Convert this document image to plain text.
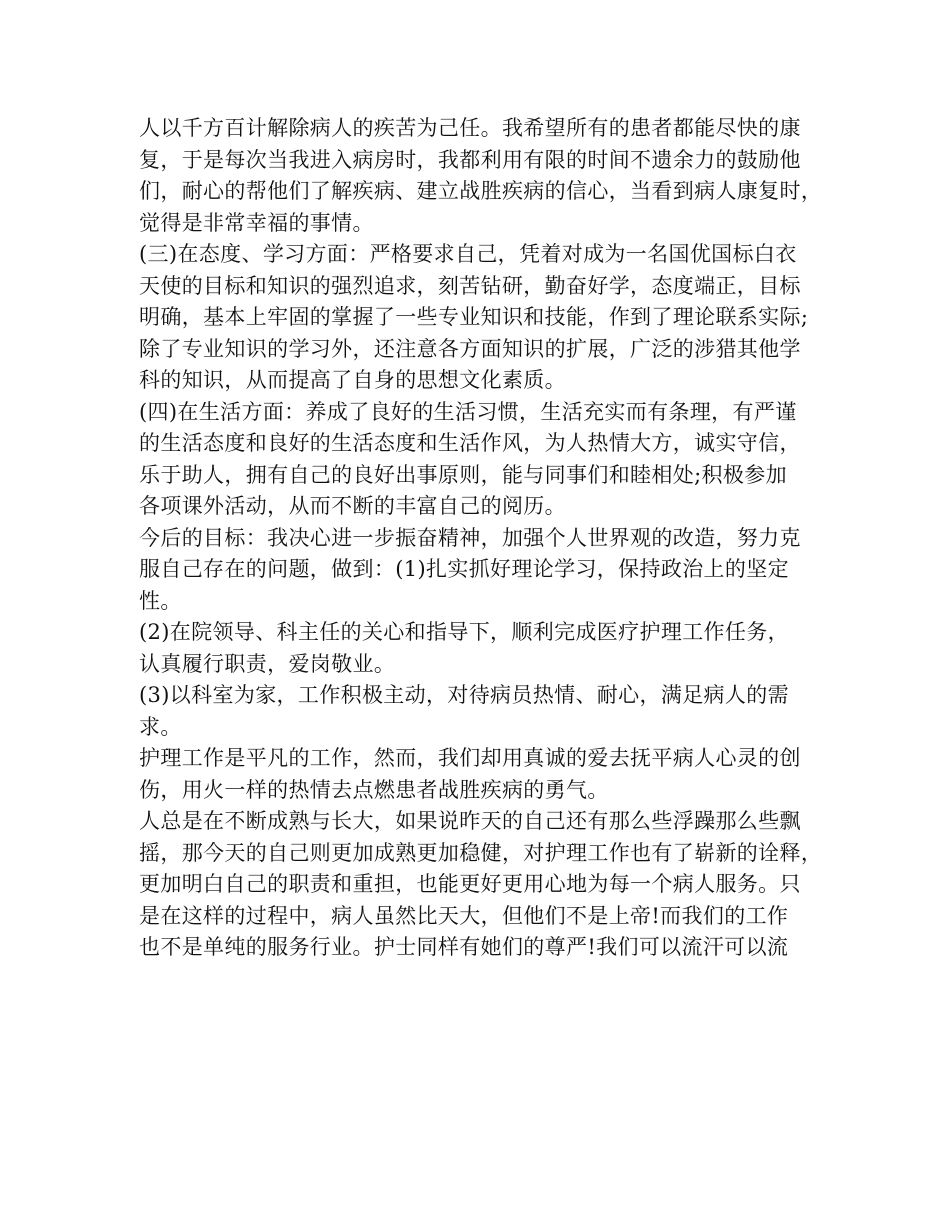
人以千方百计解除病人的疾苦为己任。我希望所有的患者都能尽快的康
复，于是每次当我进入病房时，我都利用有限的时间不遗余力的鼓励他
们，耐心的帮他们了解疾病、建立战胜疾病的信心，当看到病人康复时，
觉得是非常幸福的事情。
(三)在态度、学习方面：严格要求自己，凭着对成为一名国优国标白衣
天使的目标和知识的强烈追求，刻苦钻研，勤奋好学，态度端正，目标
明确，基本上牢固的掌握了一些专业知识和技能，作到了理论联系实际;
除了专业知识的学习外，还注意各方面知识的扩展，广泛的涉猎其他学
科的知识，从而提高了自身的思想文化素质。
(四)在生活方面：养成了良好的生活习惯，生活充实而有条理，有严谨
的生活态度和良好的生活态度和生活作风，为人热情大方，诚实守信，
乐于助人，拥有自己的良好出事原则，能与同事们和睦相处;积极参加
各项课外活动，从而不断的丰富自己的阅历。
今后的目标：我决心进一步振奋精神，加强个人世界观的改造，努力克
服自己存在的问题，做到：(1)扎实抓好理论学习，保持政治上的坚定
性。
(2)在院领导、科主任的关心和指导下，顺利完成医疗护理工作任务，
认真履行职责，爱岗敬业。
(3)以科室为家，工作积极主动，对待病员热情、耐心，满足病人的需
求。
护理工作是平凡的工作，然而，我们却用真诚的爱去抚平病人心灵的创
伤，用火一样的热情去点燃患者战胜疾病的勇气。
人总是在不断成熟与长大，如果说昨天的自己还有那么些浮躁那么些飘
摇，那今天的自己则更加成熟更加稳健，对护理工作也有了崭新的诠释，
更加明白自己的职责和重担，也能更好更用心地为每一个病人服务。只
是在这样的过程中，病人虽然比天大，但他们不是上帝!而我们的工作
也不是单纯的服务行业。护士同样有她们的尊严!我们可以流汗可以流
